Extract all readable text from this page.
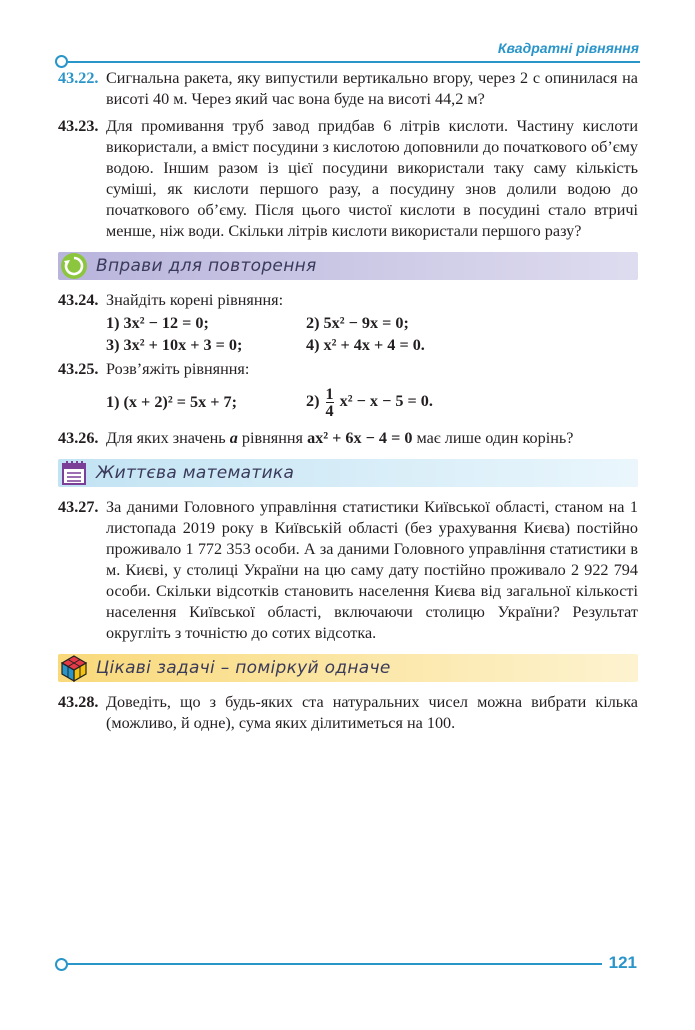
Квадратні рівняння
43.22. Сигнальна ракета, яку випустили вертикально вгору, через 2 с опинилася на висоті 40 м. Через який час вона буде на висоті 44,2 м?
43.23. Для промивання труб завод придбав 6 літрів кислоти. Частину кислоти використали, а вміст посудини з кислотою доповнили до початкового об’єму водою. Іншим разом із цієї посудини використали таку саму кількість суміші, як кислоти першого разу, а посудину знов долили водою до початкового об’єму. Після цього чистої кислоти в посудині стало втричі менше, ніж води. Скільки літрів кислоти використали першого разу?
Вправи для повторення
43.24. Знайдіть корені рівняння:
1) 3x² − 12 = 0;	2) 5x² − 9x = 0;
3) 3x² + 10x + 3 = 0;	4) x² + 4x + 4 = 0.
43.25. Розв’яжіть рівняння:
1) (x + 2)² = 5x + 7;	$2) \frac{1}{4} x^2 - x - 5 = 0$.
43.26. Для яких значень a рівняння ax² + 6x − 4 = 0 має лише один корінь?
Життєва математика
43.27. За даними Головного управління статистики Київської області, станом на 1 листопада 2019 року в Київській області (без урахування Києва) постійно проживало 1 772 353 особи. А за даними Головного управління статистики в м. Києві, у столиці України на цю саму дату постійно проживало 2 922 794 особи. Скільки відсотків становить населення Києва від загальної кількості населення Київської області, включаючи столицю України? Результат округліть з точністю до сотих відсотка.
Цікаві задачі – поміркуй одначе
43.28. Доведіть, що з будь-яких ста натуральних чисел можна вибрати кілька (можливо, й одне), сума яких ділитиметься на 100.
121
